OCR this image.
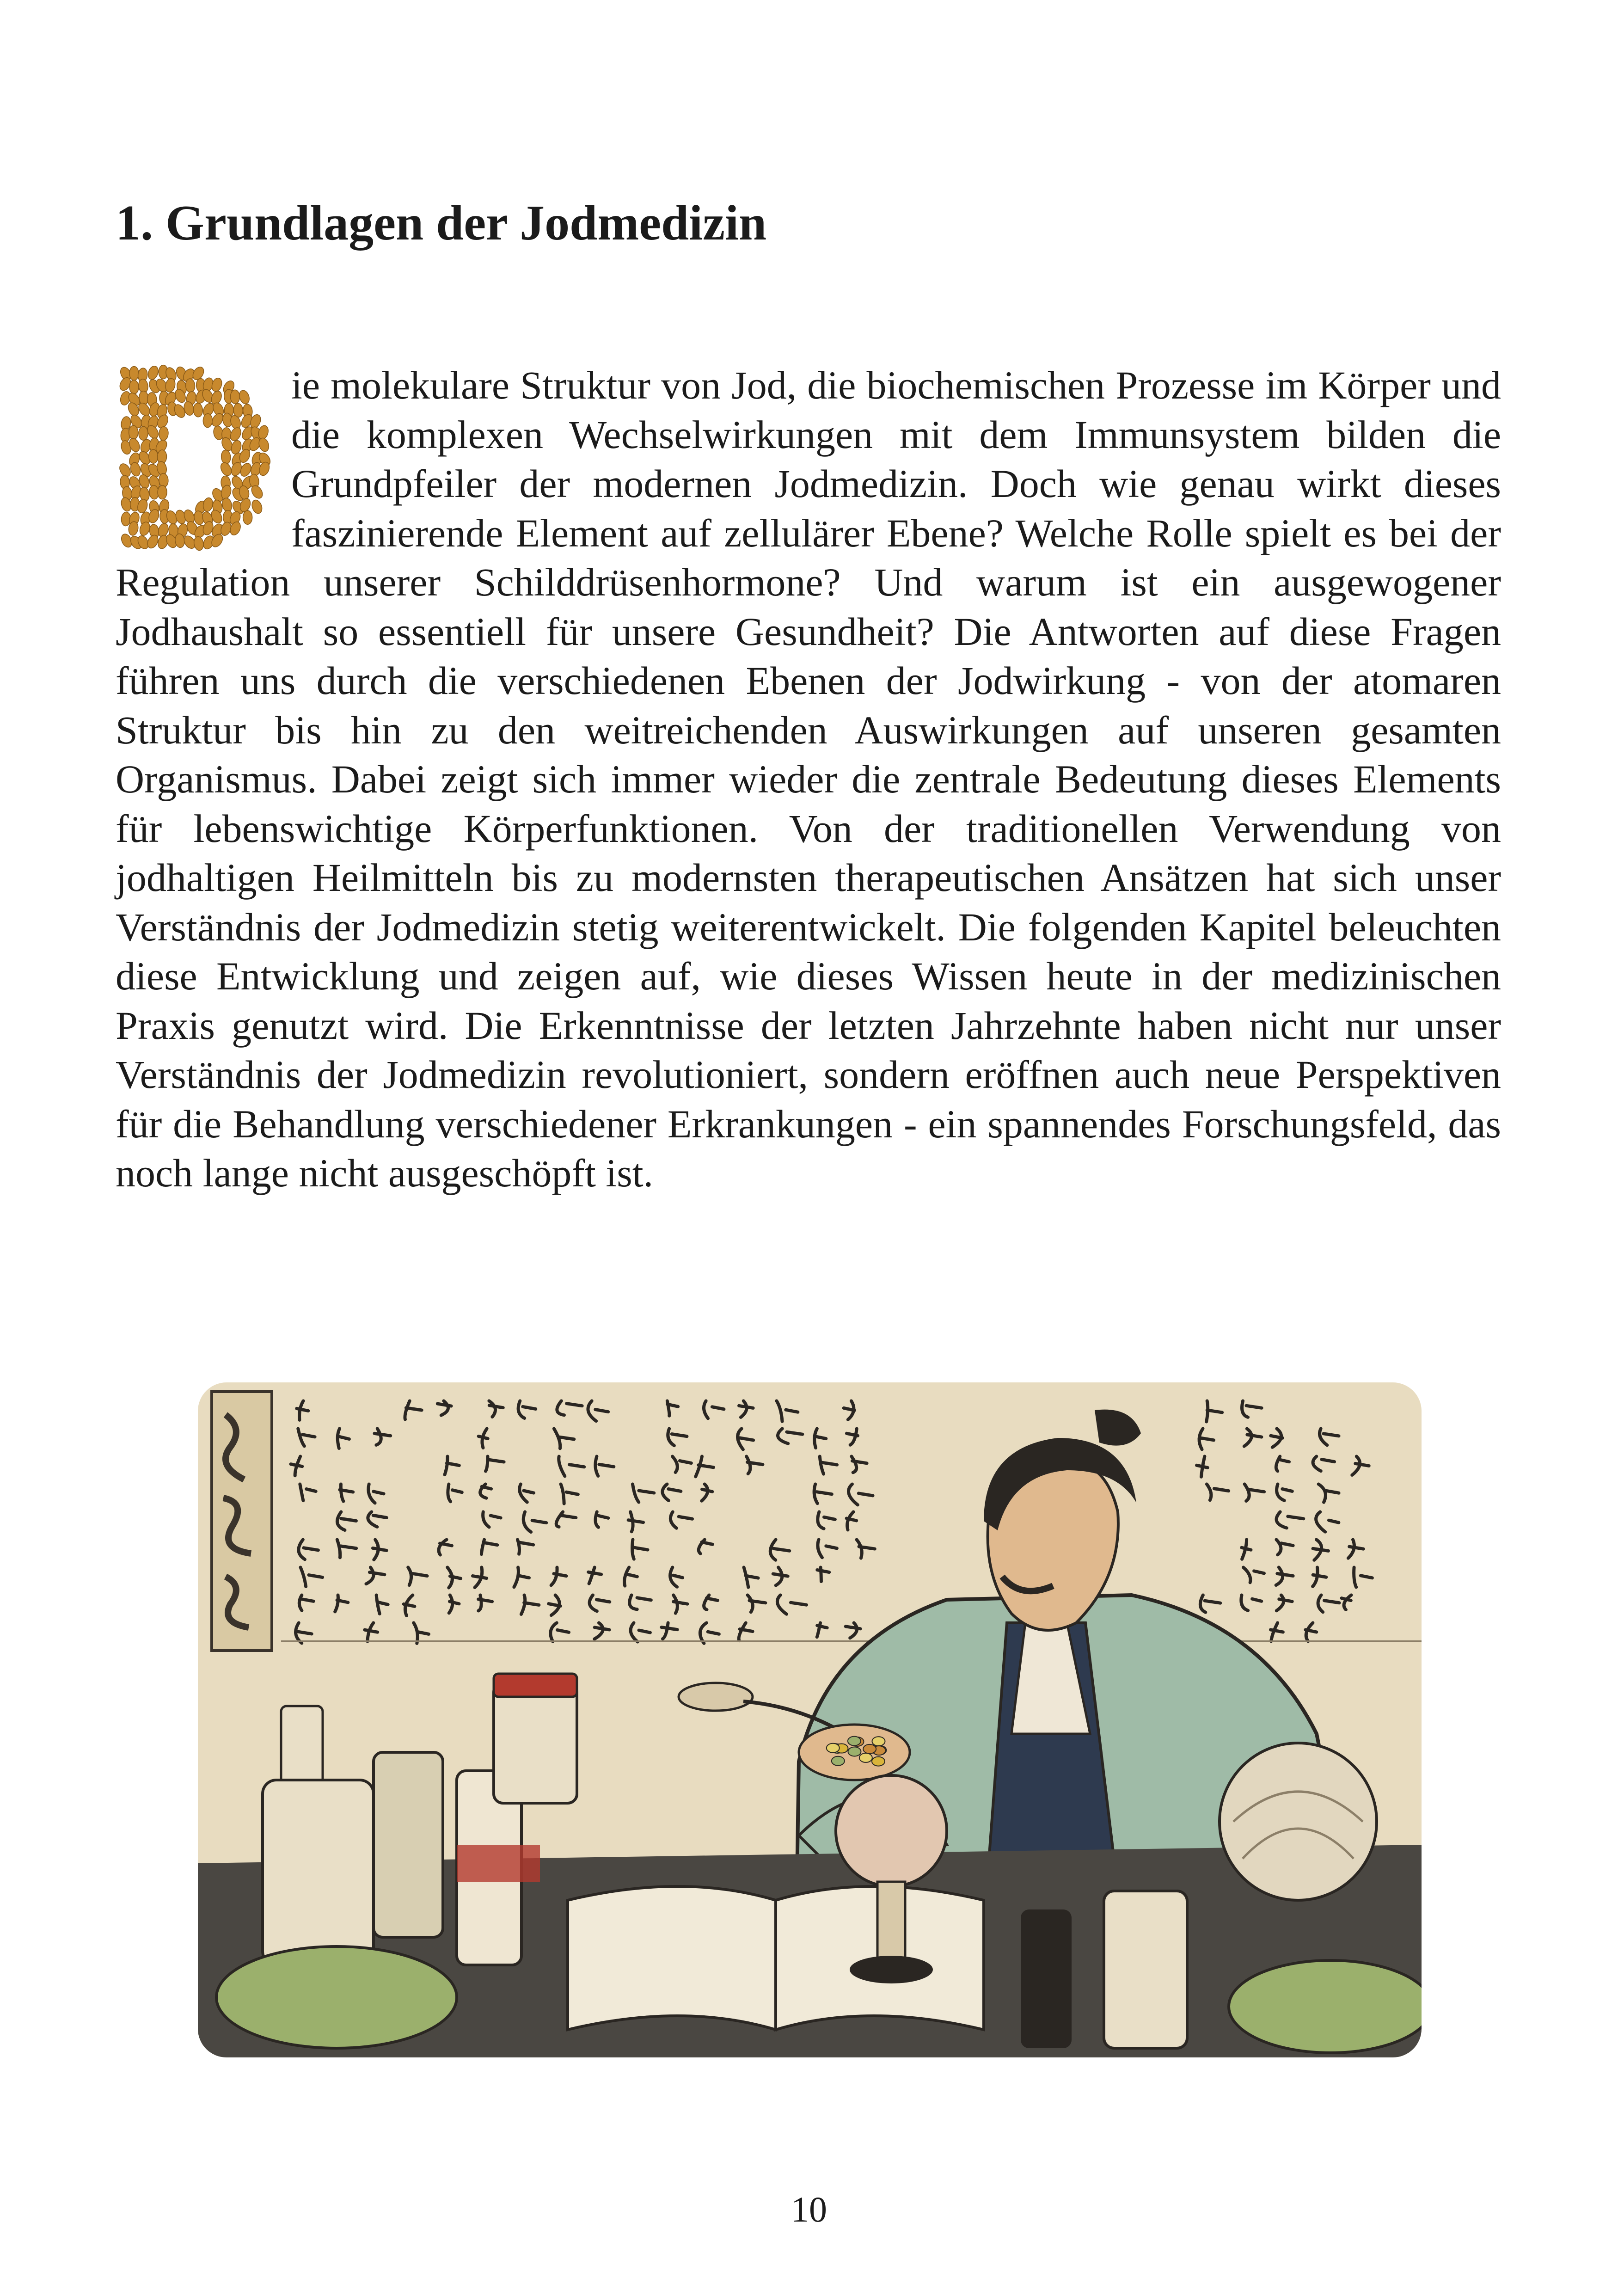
1. Grundlagen der Jodmedizin

ie molekulare Struktur von Jod, die biochemischen Prozesse im Körper und die komplexen Wechselwirkungen mit dem Immunsystem bilden die Grundpfeiler der modernen Jodmedizin. Doch wie genau wirkt dieses faszinierende Element auf zellulärer Ebene? Welche Rolle spielt es bei der Regulation unserer Schilddrüsenhormone? Und warum ist ein ausgewogener Jodhaushalt so essentiell für unsere Gesundheit? Die Antworten auf diese Fragen führen uns durch die verschiedenen Ebenen der Jodwirkung - von der atomaren Struktur bis hin zu den weitreichenden Auswirkungen auf unseren gesamten Organismus. Dabei zeigt sich immer wieder die zentrale Bedeutung dieses Elements für lebenswichtige Körperfunktionen. Von der traditionellen Verwendung von jodhaltigen Heilmitteln bis zu modernsten therapeutischen Ansätzen hat sich unser Verständnis der Jodmedizin stetig weiterentwickelt. Die folgenden Kapitel beleuchten diese Entwicklung und zeigen auf, wie dieses Wissen heute in der medizinischen Praxis genutzt wird. Die Erkenntnisse der letzten Jahrzehnte haben nicht nur unser Verständnis der Jodmedizin revolutioniert, sondern eröffnen auch neue Perspektiven für die Behandlung verschiedener Erkrankungen - ein spannendes Forschungsfeld, das noch lange nicht ausgeschöpft ist.

10
